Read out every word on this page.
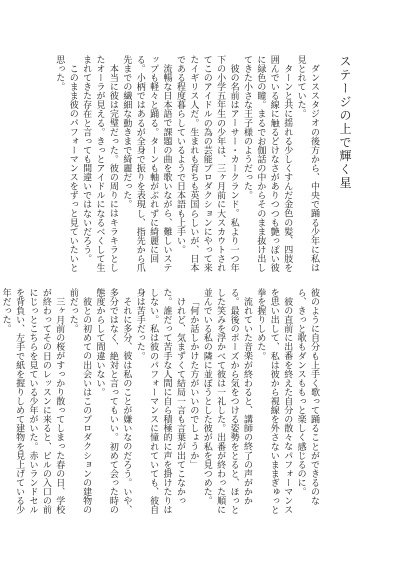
ステージの上で輝く星

ダンススタジオの後方から、中央で踊る少年に私は見とれていた。

ターンと共に揺れる少しくすんだ金色の髪、四肢を囲んでいる線に触るどけなさがありつつも艶っぽい彼に緑色の瞳。まるでお伽話の中からそのまま抜け出してきた小さな王子様のようだった。

彼の名前はアーサー・カークランド。私より一つ年下の小学五年生の少年は、三ヶ月前に大スカウトされてこのアイドルの為の芸能プロダクションにやって来たイギリス人だ。生まれも育ちも英国らしいが、日本である程度暮らしているようで日本語も上手い。

流暢な日本語で課題の曲を歌いながら、難しいステップも軽々と踊る。ターンも軸がぶれずに綺麗に回る。小柄ではあるが全身で振りを表現し、指先から爪先までの繊細な動きまで綺麗だった。

本当に彼は完璧だった。彼の周りにはキラキラとしたオーラが見える。きっとアイドルになるべくして生まれてきた存在と言っても間違いではないだろう。

このまま彼のパフォーマンスをずっと見ていたいと思った。

彼のように自分も上手く歌って踊ることができるのなら、きっと歌もダンスももっと楽しく感じるのに。

彼の直前に出番を終えた自分の散々なパフォーマンスを思い出して、私は彼から視線を外さないままぎゅっと拳を握りしめた。

流れていた音楽が終わると、講師の終了の声がかかる。最後のポーズから気をつける姿勢をとると、ほっとした笑みを浮かべて彼は一礼した。出番が終わった順に並んでいる私の隣に並ぼうとした彼が私を見つめた。

「何か話しかけた方がいいのでしょうか」

けれど、気まずくて結局一言も言葉が出てこなかった。誰だって苦手な人間に自ら積極的に声を掛けたりはしない。私は彼のパフォーマンスに憧れていても、彼自身は苦手だった。

それに多分、彼は私のことが嫌いなのだろう。いや、多分ではなく、絶対と言ってもいい。初めて会った時の態度からして間違いない。

彼との初めての出会いはこのプロダクションの建物の前だった。

三ヶ月前の桜がすっかり散ってしまった春の日、学校が終わってその日のレッスンに来ると、ビルの入口の前にじっとこちらを見ている少年がいた。赤いランドセルを背負い、左手で紙を握りしめて建物を見上げている少年だった。
